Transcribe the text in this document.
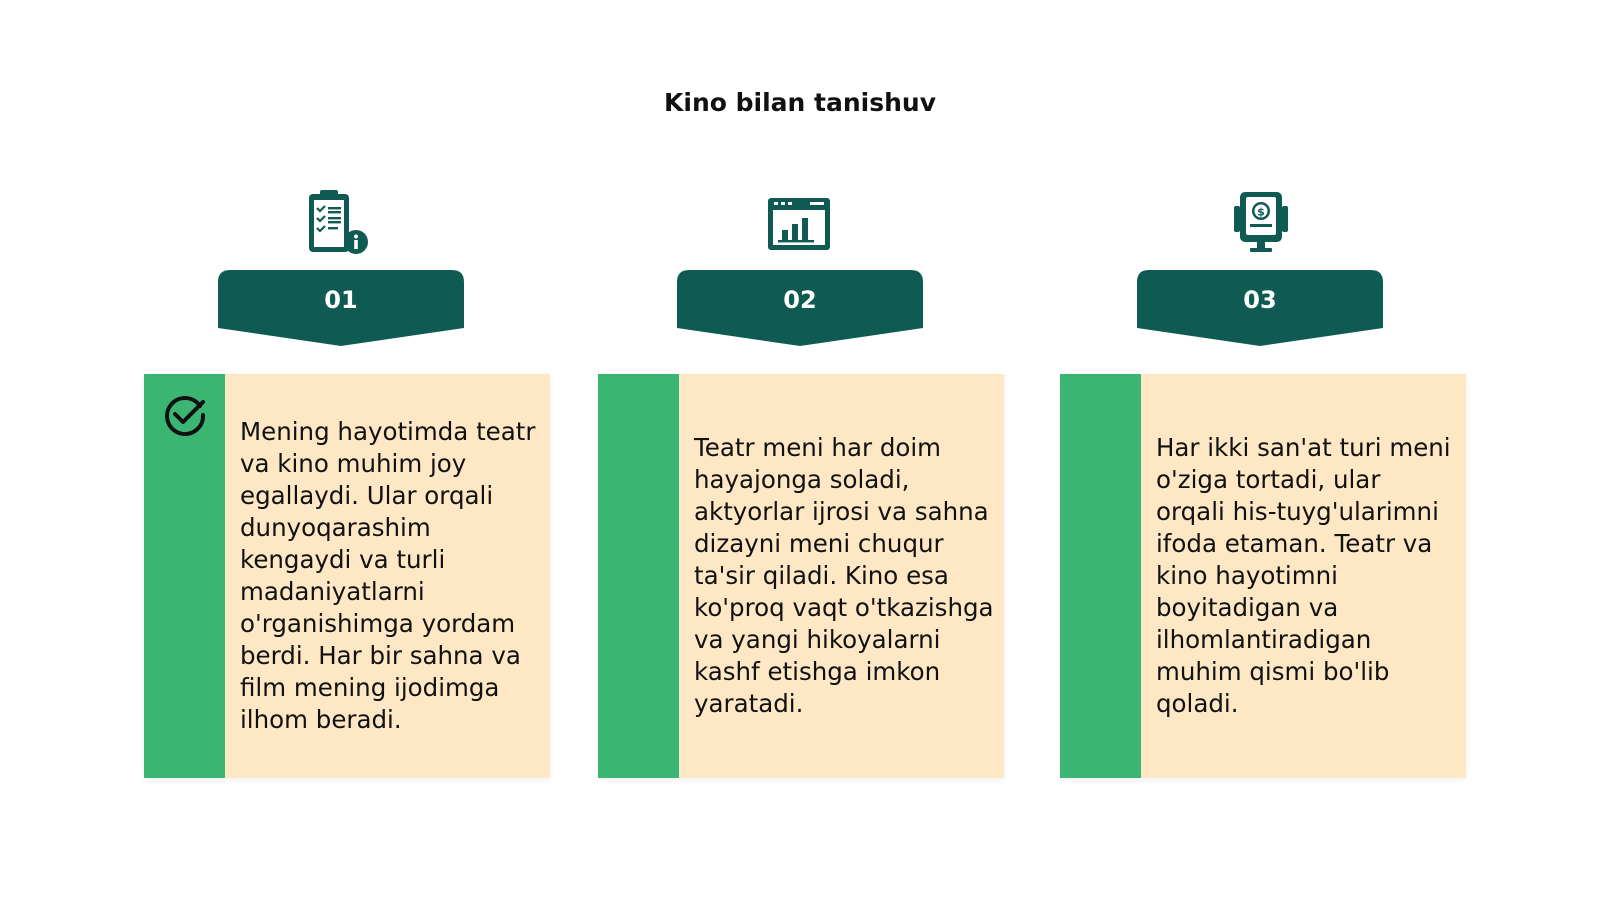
Kino bilan tanishuv
01
Mening hayotimda teatr va kino muhim joy egallaydi. Ular orqali dunyoqarashim kengaydi va turli madaniyatlarni o'rganishimga yordam berdi. Har bir sahna va film mening ijodimga ilhom beradi.
02
Teatr meni har doim hayajonga soladi, aktyorlar ijrosi va sahna dizayni meni chuqur ta'sir qiladi. Kino esa ko'proq vaqt o'tkazishga va yangi hikoyalarni kashf etishga imkon yaratadi.
$
03
Har ikki san'at turi meni o'ziga tortadi, ular orqali his-tuyg'ularimni ifoda etaman. Teatr va kino hayotimni boyitadigan va ilhomlantiradigan muhim qismi bo'lib qoladi.
